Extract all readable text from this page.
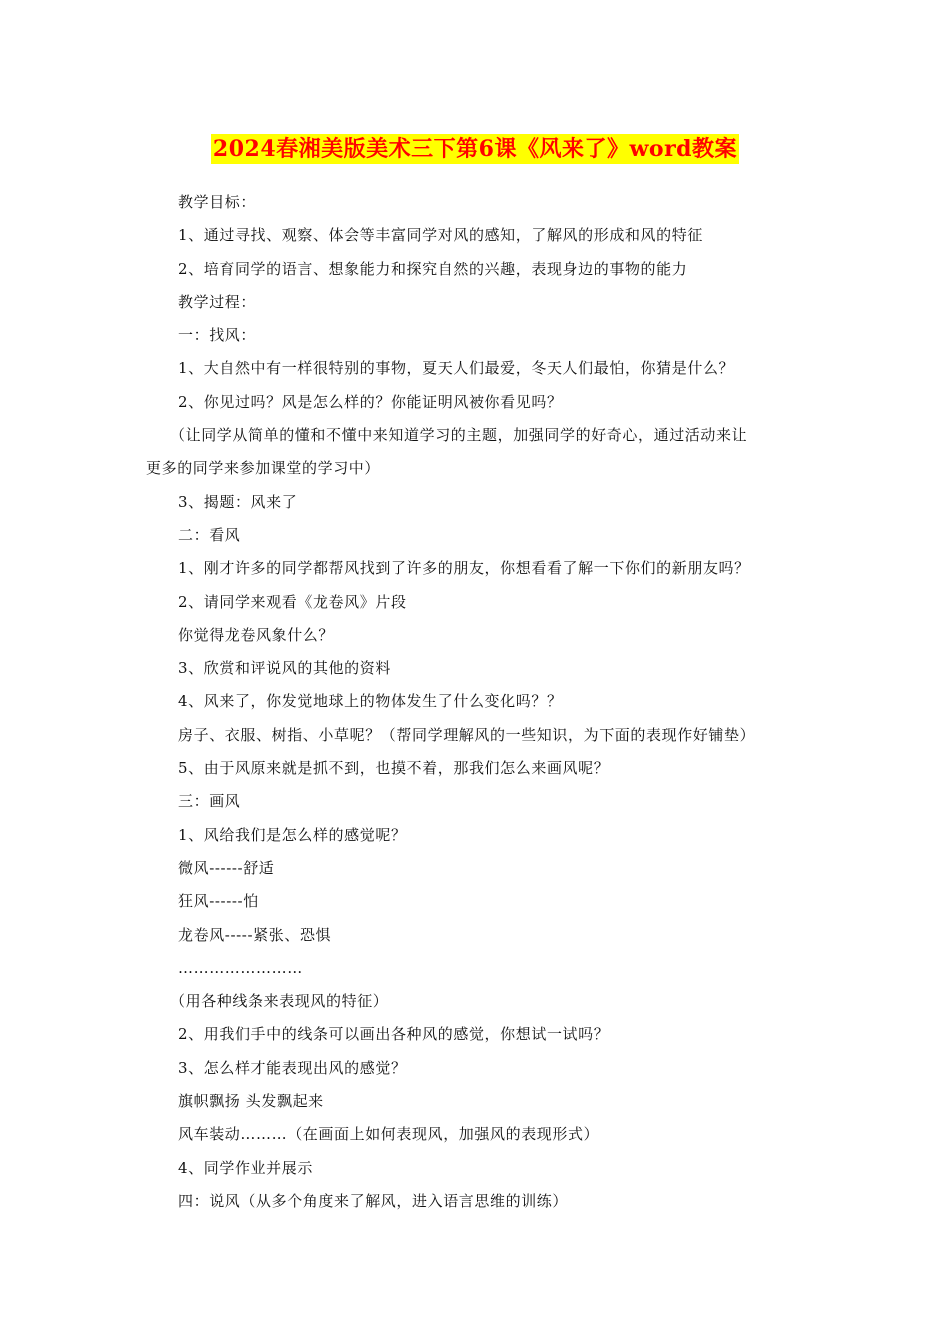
2024春湘美版美术三下第6课《风来了》word教案
教学目标：
1、通过寻找、观察、体会等丰富同学对风的感知，了解风的形成和风的特征
2、培育同学的语言、想象能力和探究自然的兴趣，表现身边的事物的能力
教学过程：
一：找风：
1、大自然中有一样很特别的事物，夏天人们最爱，冬天人们最怕，你猜是什么？
2、你见过吗？风是怎么样的？你能证明风被你看见吗？
（让同学从简单的懂和不懂中来知道学习的主题，加强同学的好奇心，通过活动来让
更多的同学来参加课堂的学习中）
3、揭题：风来了
二：看风
1、刚才许多的同学都帮风找到了许多的朋友，你想看看了解一下你们的新朋友吗？
2、请同学来观看《龙卷风》片段
你觉得龙卷风象什么？
3、欣赏和评说风的其他的资料
4、风来了，你发觉地球上的物体发生了什么变化吗？？
房子、衣服、树指、小草呢？（帮同学理解风的一些知识，为下面的表现作好铺垫）
5、由于风原来就是抓不到，也摸不着，那我们怎么来画风呢？
三：画风
1、风给我们是怎么样的感觉呢？
微风------舒适
狂风------怕
龙卷风-----紧张、恐惧
……………………
（用各种线条来表现风的特征）
2、用我们手中的线条可以画出各种风的感觉，你想试一试吗？
3、怎么样才能表现出风的感觉？
旗帜飘扬 头发飘起来
风车装动………（在画面上如何表现风，加强风的表现形式）
4、同学作业并展示
四：说风（从多个角度来了解风，进入语言思维的训练）
